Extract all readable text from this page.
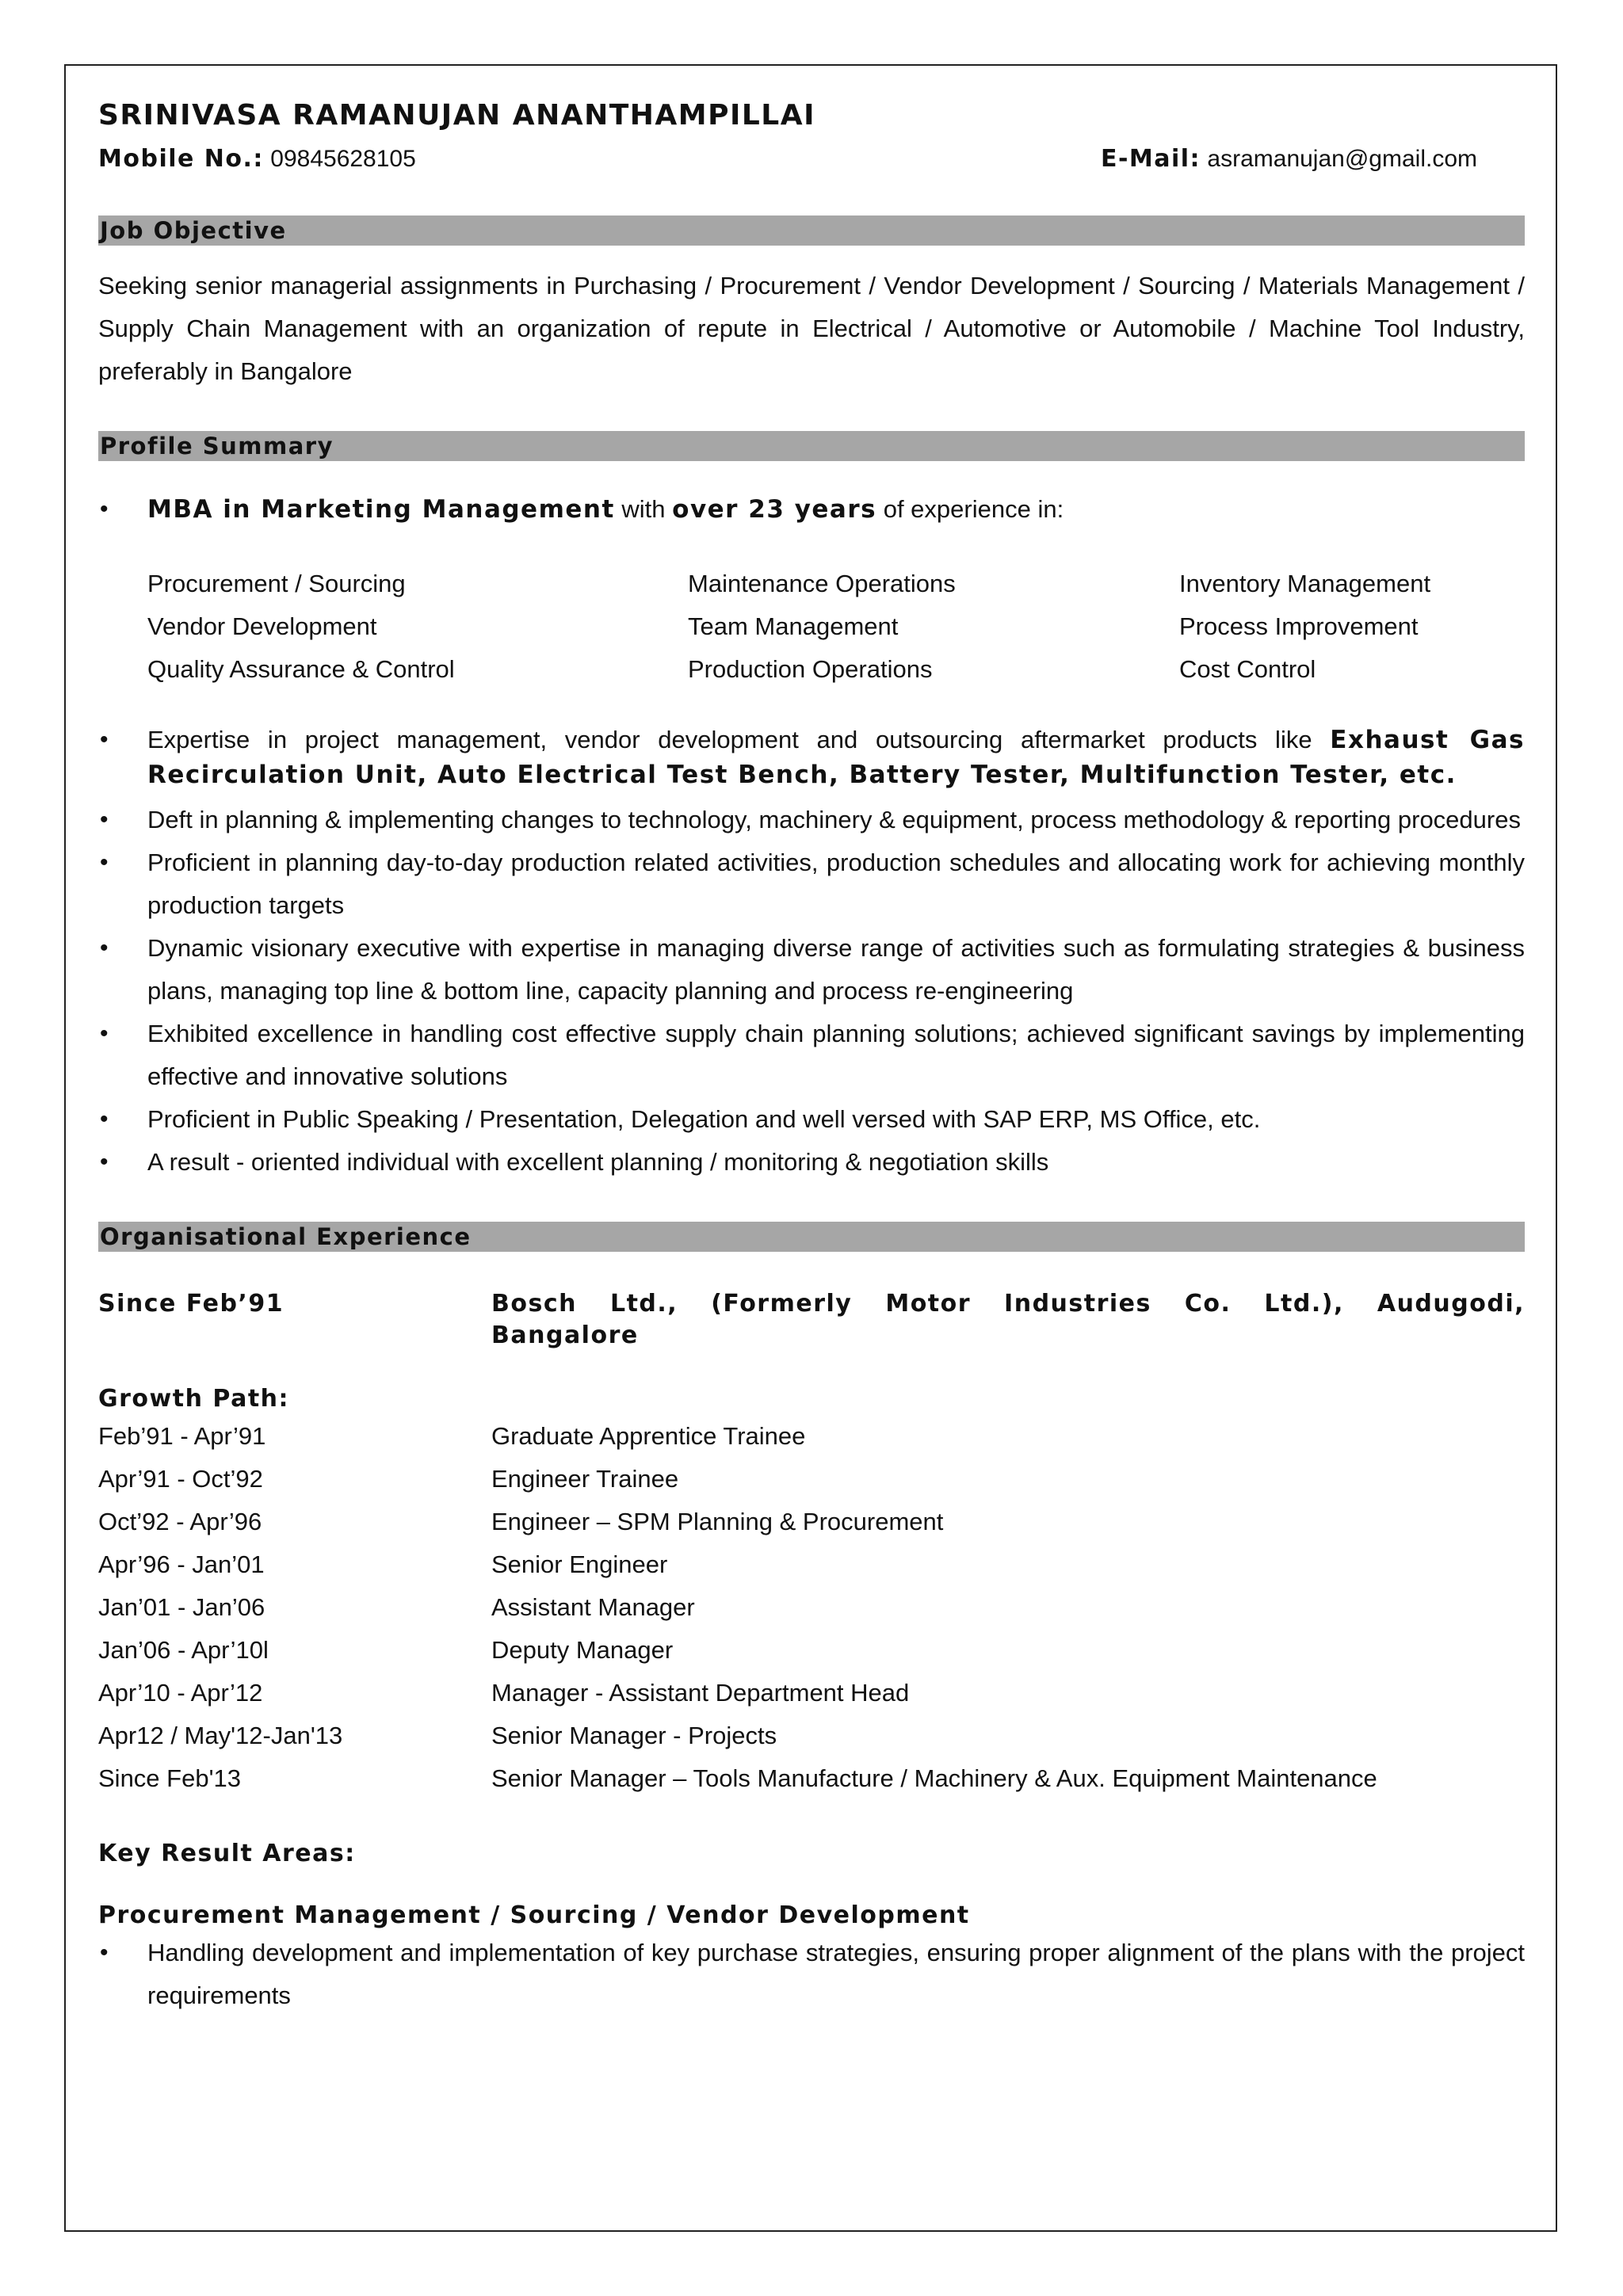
SRINIVASA RAMANUJAN ANANTHAMPILLAI
Mobile No.: 09845628105	E-Mail: asramanujan@gmail.com
Job Objective

Seeking senior managerial assignments in Purchasing / Procurement / Vendor Development / Sourcing / Materials Management / Supply Chain Management with an organization of repute in Electrical / Automotive or Automobile / Machine Tool Industry, preferably in Bangalore

Profile Summary
• MBA in Marketing Management with over 23 years of experience in:
Procurement / Sourcing	Maintenance Operations	Inventory Management
Vendor Development	Team Management	Process Improvement
Quality Assurance & Control	Production Operations	Cost Control
• Expertise in project management, vendor development and outsourcing aftermarket products like Exhaust Gas Recirculation Unit, Auto Electrical Test Bench, Battery Tester, Multifunction Tester, etc.
• Deft in planning & implementing changes to technology, machinery & equipment, process methodology & reporting procedures
• Proficient in planning day-to-day production related activities, production schedules and allocating work for achieving monthly production targets
• Dynamic visionary executive with expertise in managing diverse range of activities such as formulating strategies & business plans, managing top line & bottom line, capacity planning and process re-engineering
• Exhibited excellence in handling cost effective supply chain planning solutions; achieved significant savings by implementing effective and innovative solutions
• Proficient in Public Speaking / Presentation, Delegation and well versed with SAP ERP, MS Office, etc.
• A result - oriented individual with excellent planning / monitoring & negotiation skills
Organisational Experience
Since Feb’91	Bosch Ltd., (Formerly Motor Industries Co. Ltd.), Audugodi,
Bangalore
Growth Path:
Feb’91 - Apr’91	Graduate Apprentice Trainee
Apr’91 - Oct’92	Engineer Trainee
Oct’92 - Apr’96	Engineer – SPM Planning & Procurement
Apr’96 - Jan’01	Senior Engineer
Jan’01 - Jan’06	Assistant Manager
Jan’06 - Apr’10l	Deputy Manager
Apr’10 - Apr’12	Manager - Assistant Department Head
Apr12 / May'12-Jan'13	Senior Manager - Projects
Since Feb'13	Senior Manager – Tools Manufacture / Machinery & Aux. Equipment Maintenance
Key Result Areas:
Procurement Management / Sourcing / Vendor Development
• Handling development and implementation of key purchase strategies, ensuring proper alignment of the plans with the project requirements
